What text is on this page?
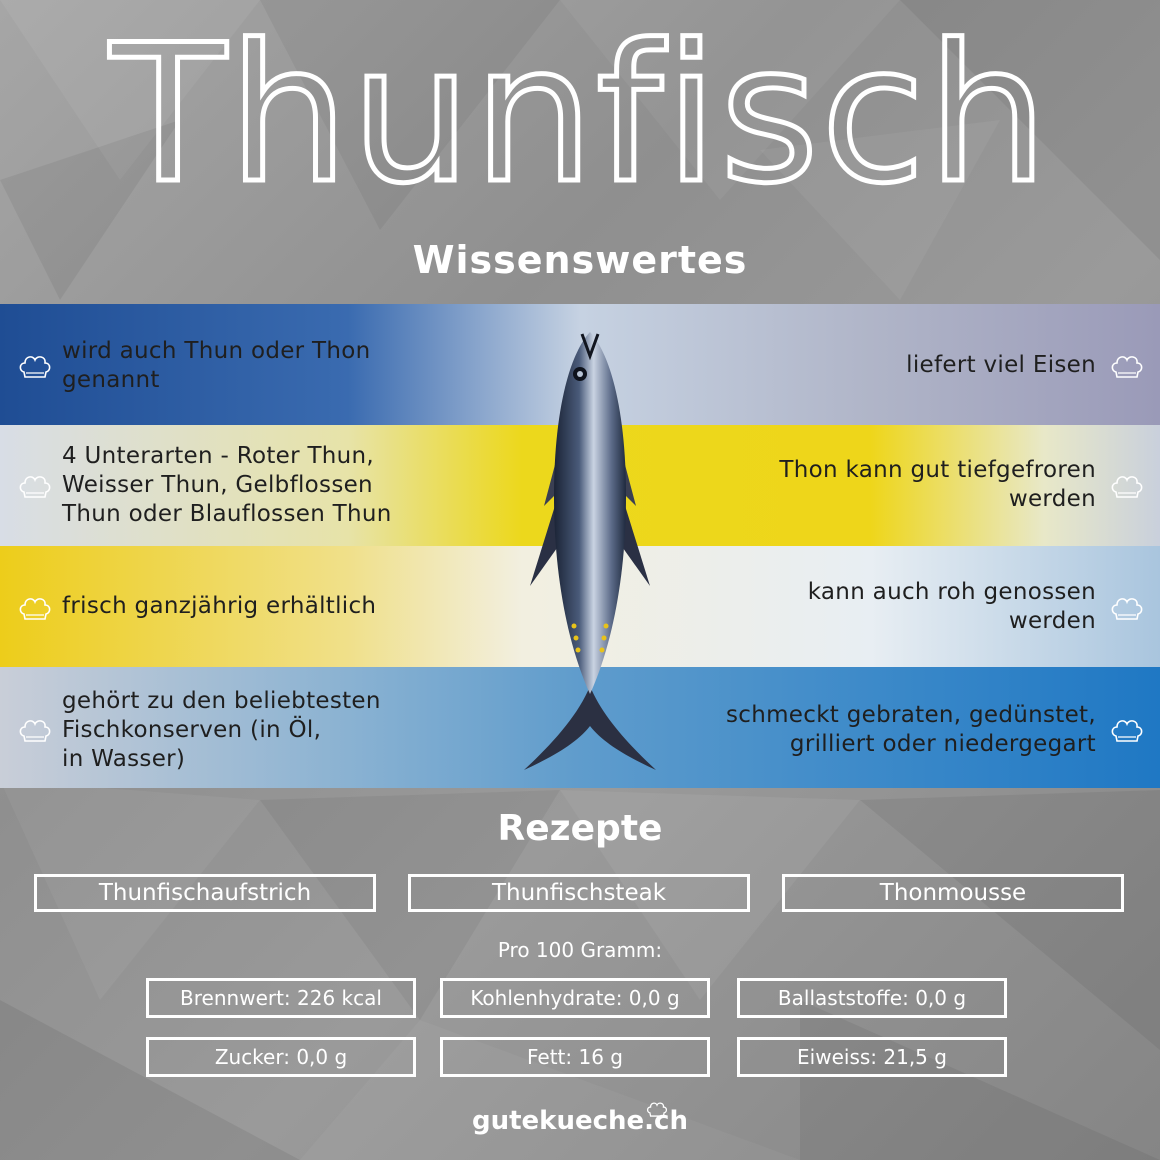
Thunfisch
Wissenswertes
wird auch Thun oder Thon
genannt
4 Unterarten - Roter Thun,
Weisser Thun, Gelbflossen
Thun oder Blauflossen Thun
frisch ganzjährig erhältlich
gehört zu den beliebtesten
Fischkonserven (in Öl,
in Wasser)
liefert viel Eisen
Thon kann gut tiefgefroren
werden
kann auch roh genossen
werden
schmeckt gebraten, gedünstet,
grilliert oder niedergegart
Rezepte
Thunfischaufstrich	Thunfischsteak	Thonmousse
Pro 100 Gramm:
Brennwert: 226 kcal	Kohlenhydrate: 0,0 g	Ballaststoffe: 0,0 g
Zucker: 0,0 g	Fett: 16 g	Eiweiss: 21,5 g
gutekueche.ch
